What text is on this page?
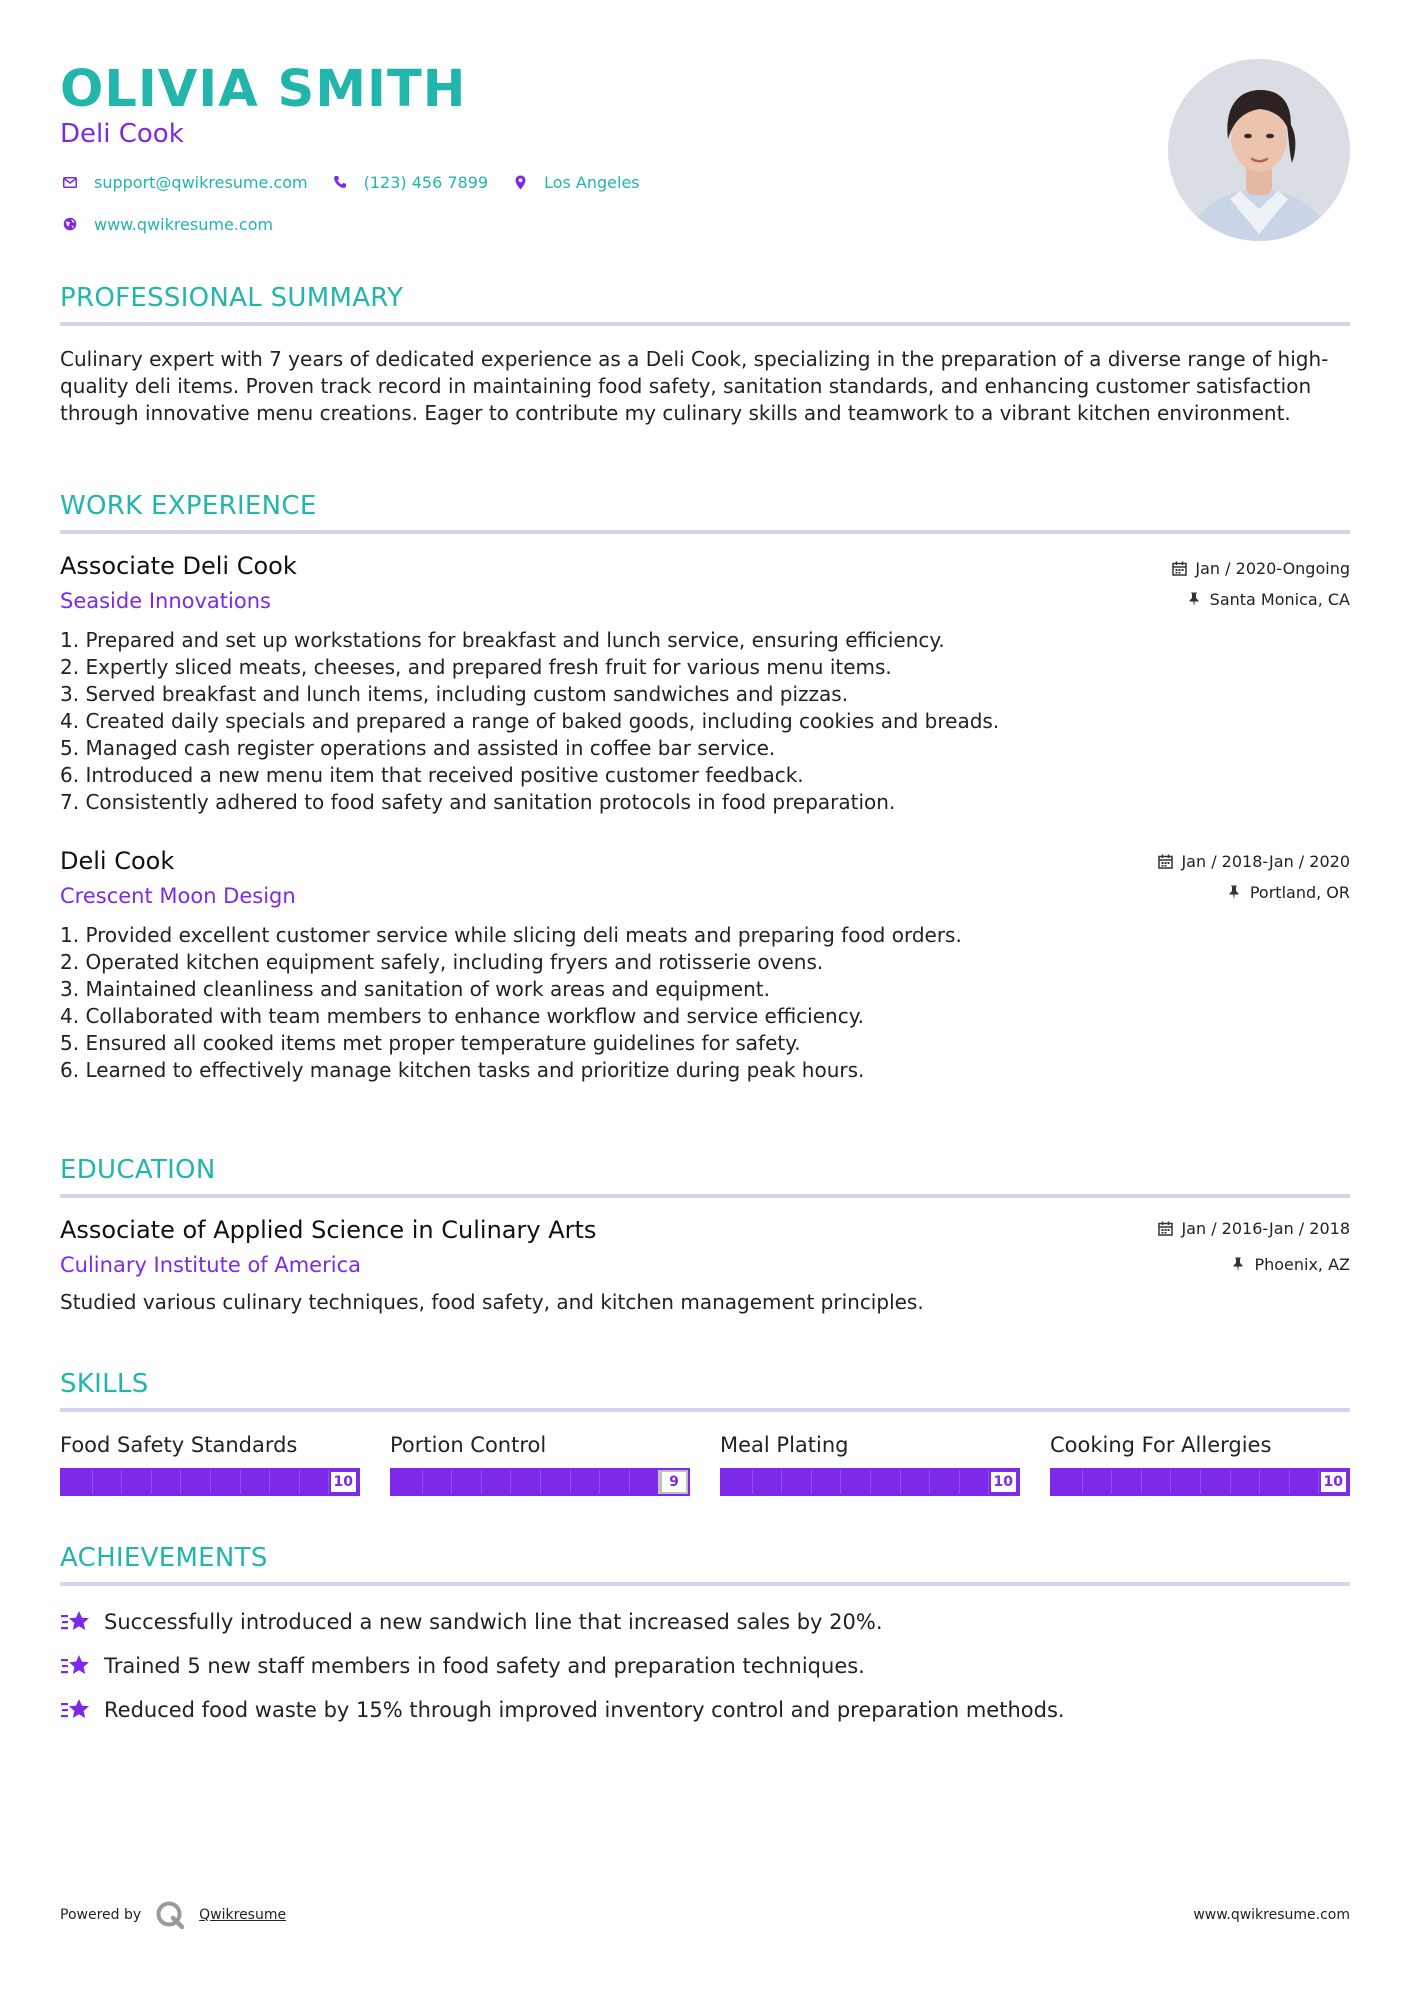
OLIVIA SMITH
Deli Cook
support@qwikresume.com	(123) 456 7899	Los Angeles
www.qwikresume.com
PROFESSIONAL SUMMARY
Culinary expert with 7 years of dedicated experience as a Deli Cook, specializing in the preparation of a diverse range of high-quality deli items. Proven track record in maintaining food safety, sanitation standards, and enhancing customer satisfaction through innovative menu creations. Eager to contribute my culinary skills and teamwork to a vibrant kitchen environment.
WORK EXPERIENCE
Associate Deli Cook
Seaside Innovations
Jan / 2020-Ongoing
Santa Monica, CA
1. Prepared and set up workstations for breakfast and lunch service, ensuring efficiency.
2. Expertly sliced meats, cheeses, and prepared fresh fruit for various menu items.
3. Served breakfast and lunch items, including custom sandwiches and pizzas.
4. Created daily specials and prepared a range of baked goods, including cookies and breads.
5. Managed cash register operations and assisted in coffee bar service.
6. Introduced a new menu item that received positive customer feedback.
7. Consistently adhered to food safety and sanitation protocols in food preparation.
Deli Cook
Crescent Moon Design
Jan / 2018-Jan / 2020
Portland, OR
1. Provided excellent customer service while slicing deli meats and preparing food orders.
2. Operated kitchen equipment safely, including fryers and rotisserie ovens.
3. Maintained cleanliness and sanitation of work areas and equipment.
4. Collaborated with team members to enhance workflow and service efficiency.
5. Ensured all cooked items met proper temperature guidelines for safety.
6. Learned to effectively manage kitchen tasks and prioritize during peak hours.
EDUCATION
Associate of Applied Science in Culinary Arts
Culinary Institute of America
Jan / 2016-Jan / 2018
Phoenix, AZ
Studied various culinary techniques, food safety, and kitchen management principles.
SKILLS
Food Safety Standards
10
Portion Control
9
Meal Plating
10
Cooking For Allergies
10
ACHIEVEMENTS
Successfully introduced a new sandwich line that increased sales by 20%.
Trained 5 new staff members in food safety and preparation techniques.
Reduced food waste by 15% through improved inventory control and preparation methods.
Powered by	Qwikresume	www.qwikresume.com
